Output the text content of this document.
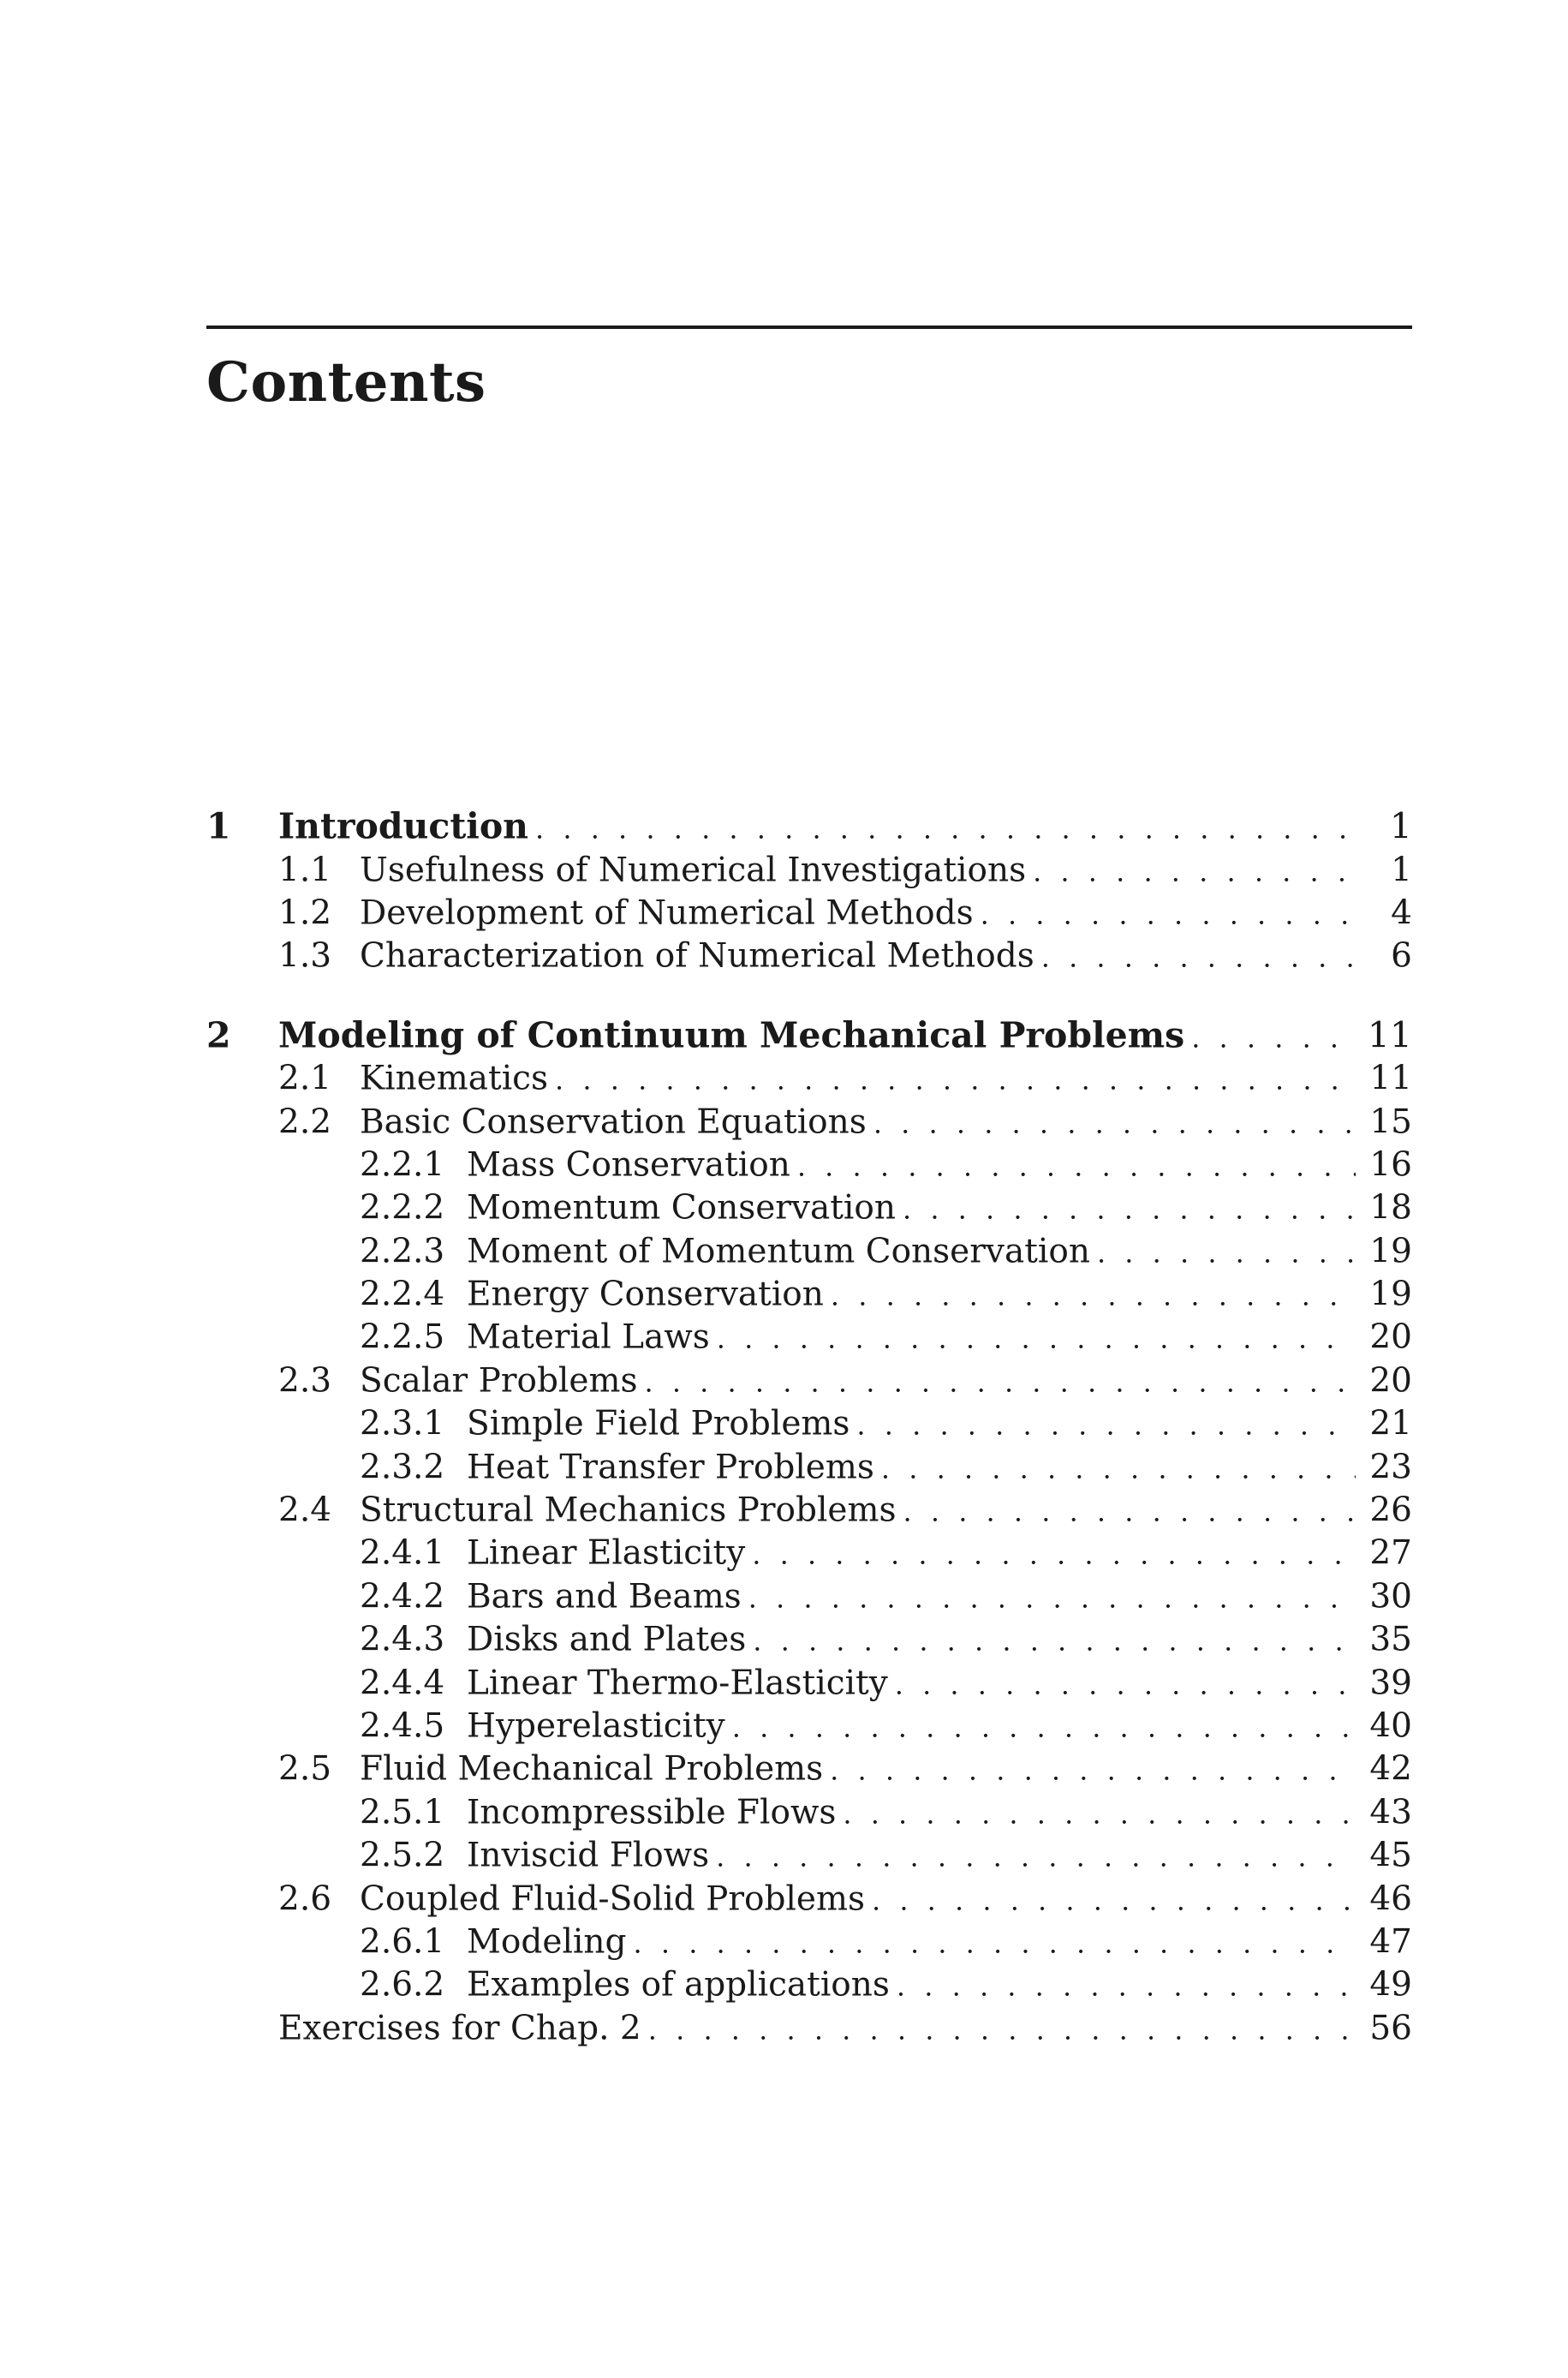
Contents
1 Introduction . . .	1
1.1 Usefulness of Numerical Investigations . . .	1
1.2 Development of Numerical Methods . . .	4
1.3 Characterization of Numerical Methods . . .	6
2 Modeling of Continuum Mechanical Problems . . .	11
2.1 Kinematics . . .	11
2.2 Basic Conservation Equations . . .	15
2.2.1 Mass Conservation . . .	16
2.2.2 Momentum Conservation . . .	18
2.2.3 Moment of Momentum Conservation . . .	19
2.2.4 Energy Conservation . . .	19
2.2.5 Material Laws . . .	20
2.3 Scalar Problems . . .	20
2.3.1 Simple Field Problems . . .	21
2.3.2 Heat Transfer Problems . . .	23
2.4 Structural Mechanics Problems . . .	26
2.4.1 Linear Elasticity . . .	27
2.4.2 Bars and Beams . . .	30
2.4.3 Disks and Plates . . .	35
2.4.4 Linear Thermo-Elasticity . . .	39
2.4.5 Hyperelasticity . . .	40
2.5 Fluid Mechanical Problems . . .	42
2.5.1 Incompressible Flows . . .	43
2.5.2 Inviscid Flows . . .	45
2.6 Coupled Fluid-Solid Problems . . .	46
2.6.1 Modeling . . .	47
2.6.2 Examples of applications . . .	49
Exercises for Chap. 2 . . .	56
